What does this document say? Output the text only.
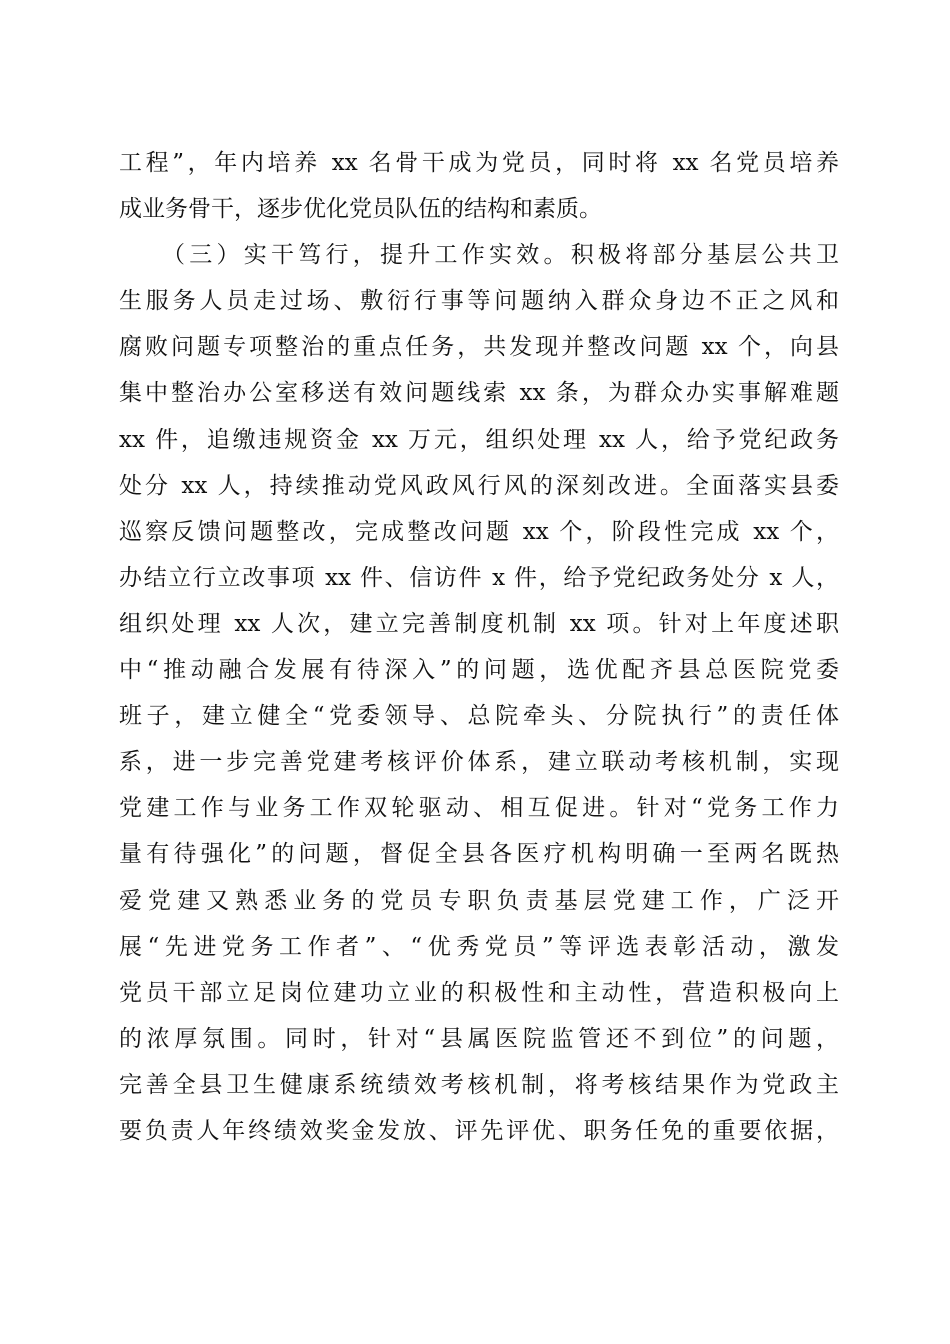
工程”，年内培养 xx 名骨干成为党员，同时将 xx 名党员培养
成业务骨干，逐步优化党员队伍的结构和素质。
　　（三）实干笃行，提升工作实效。积极将部分基层公共卫
生服务人员走过场、敷衍行事等问题纳入群众身边不正之风和
腐败问题专项整治的重点任务，共发现并整改问题 xx 个，向县
集中整治办公室移送有效问题线索 xx 条，为群众办实事解难题
xx 件，追缴违规资金 xx 万元，组织处理 xx 人，给予党纪政务
处分 xx 人，持续推动党风政风行风的深刻改进。全面落实县委
巡察反馈问题整改，完成整改问题 xx 个，阶段性完成 xx 个，
办结立行立改事项 xx 件、信访件 x 件，给予党纪政务处分 x 人，
组织处理 xx 人次，建立完善制度机制 xx 项。针对上年度述职
中“推动融合发展有待深入”的问题，选优配齐县总医院党委
班子，建立健全“党委领导、总院牵头、分院执行”的责任体
系，进一步完善党建考核评价体系，建立联动考核机制，实现
党建工作与业务工作双轮驱动、相互促进。针对“党务工作力
量有待强化”的问题，督促全县各医疗机构明确一至两名既热
爱党建又熟悉业务的党员专职负责基层党建工作，广泛开
展“先进党务工作者”、“优秀党员”等评选表彰活动，激发
党员干部立足岗位建功立业的积极性和主动性，营造积极向上
的浓厚氛围。同时，针对“县属医院监管还不到位”的问题，
完善全县卫生健康系统绩效考核机制，将考核结果作为党政主
要负责人年终绩效奖金发放、评先评优、职务任免的重要依据，
